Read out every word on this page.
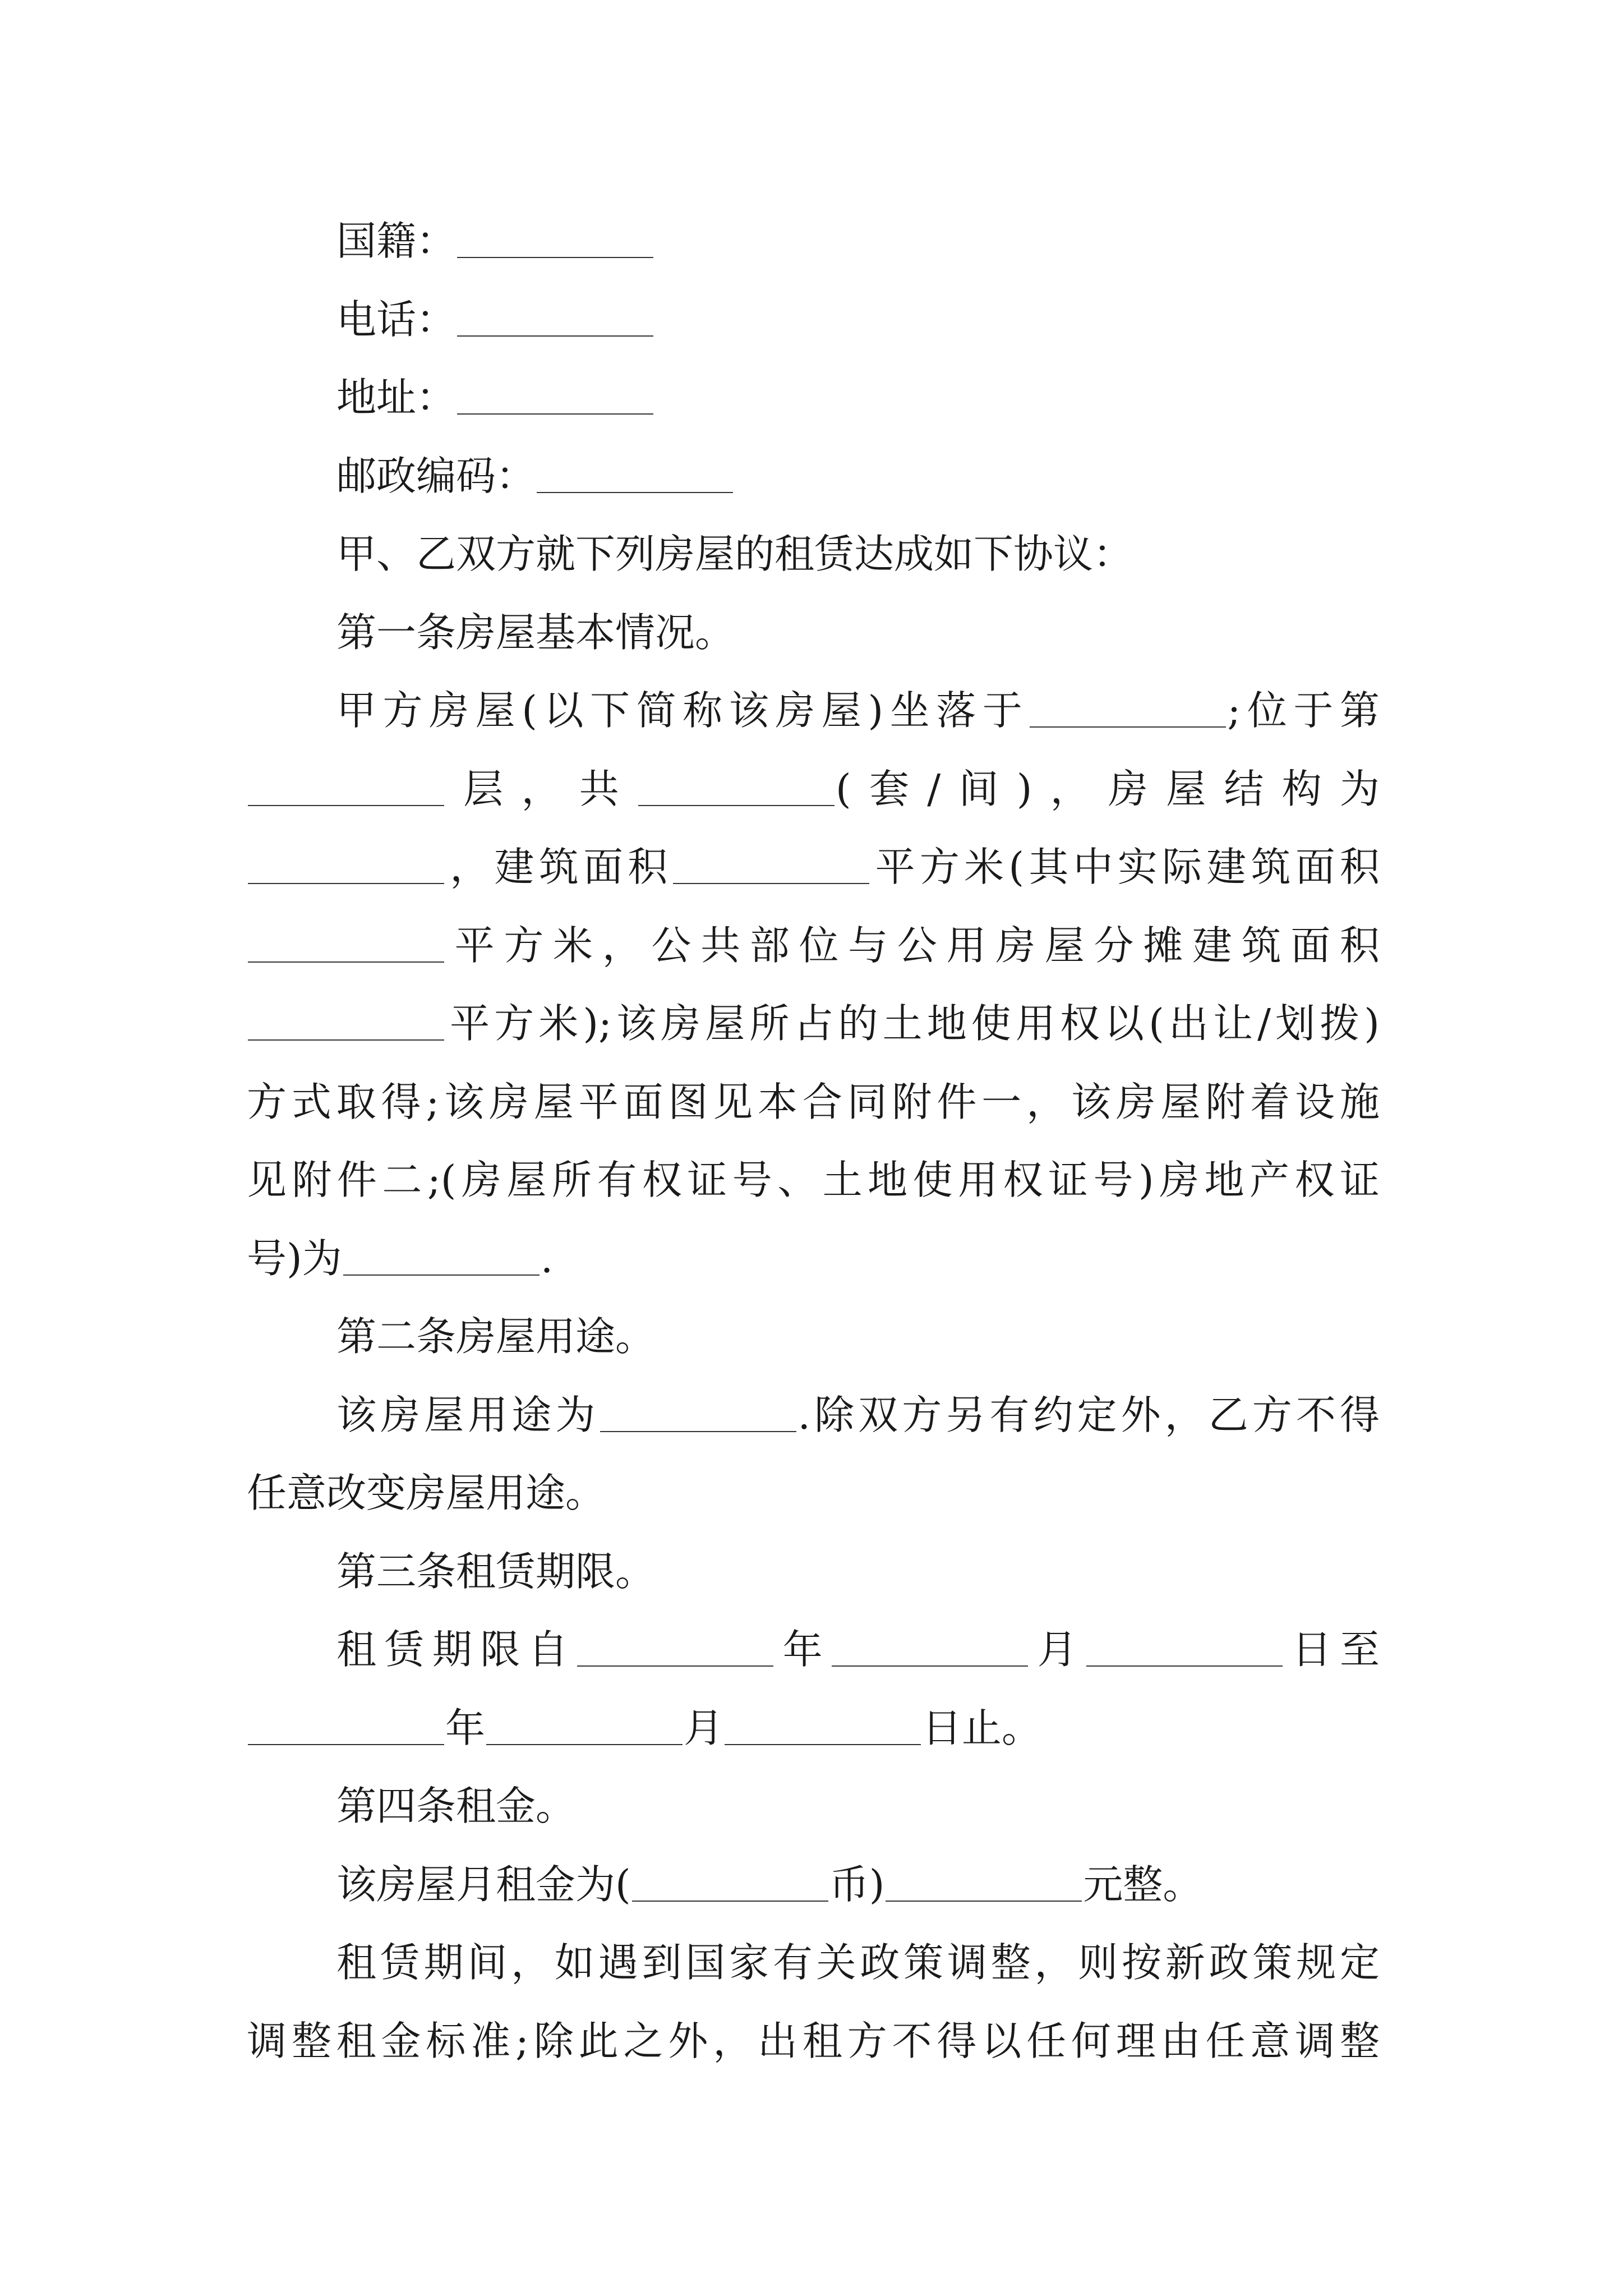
国籍：
电话：
地址：
邮政编码：
甲、乙双方就下列房屋的租赁达成如下协议：
第一条房屋基本情况。
甲方房屋(以下简称该房屋)坐落于	;位于第
层，共	(套/间)，房屋结构为
，建筑面积	平方米(其中实际建筑面积
平方米，公共部位与公用房屋分摊建筑面积
平方米);该房屋所占的土地使用权以(出让/划拨)
方式取得;该房屋平面图见本合同附件一，该房屋附着设施
见附件二;(房屋所有权证号、土地使用权证号)房地产权证
号)为	.
第二条房屋用途。
该房屋用途为	.除双方另有约定外，乙方不得
任意改变房屋用途。
第三条租赁期限。
租赁期限自	年	月	日至
年	月	日止。
第四条租金。
该房屋月租金为(	币)	元整。
租赁期间，如遇到国家有关政策调整，则按新政策规定
调整租金标准;除此之外，出租方不得以任何理由任意调整
